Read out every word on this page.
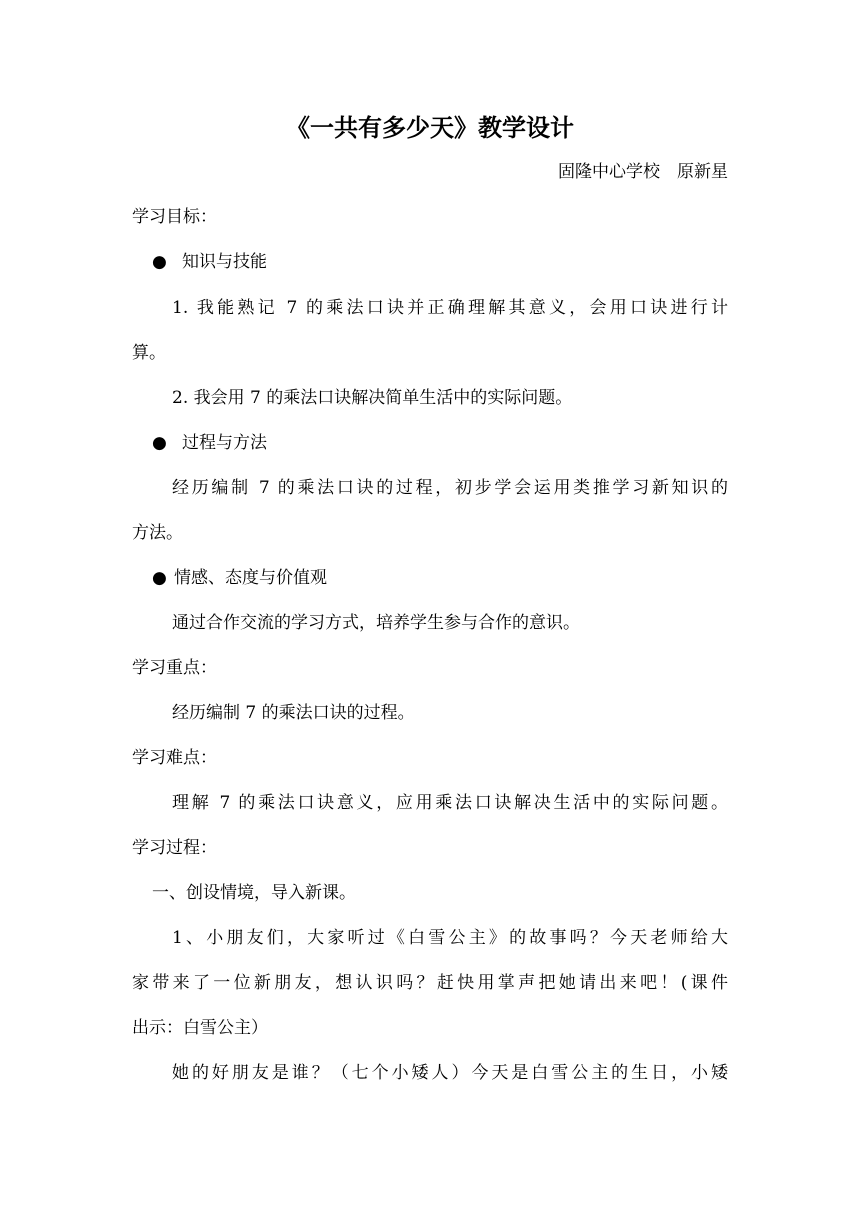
《一共有多少天》教学设计

固隆中心学校　原新星

学习目标：

● 知识与技能

1. 我能熟记 7 的乘法口诀并正确理解其意义，会用口诀进行计

算。

2. 我会用 7 的乘法口诀解决简单生活中的实际问题。

● 过程与方法

经历编制 7 的乘法口诀的过程，初步学会运用类推学习新知识的

方法。

● 情感、态度与价值观

通过合作交流的学习方式，培养学生参与合作的意识。

学习重点：

经历编制 7 的乘法口诀的过程。

学习难点：

理解 7 的乘法口诀意义，应用乘法口诀解决生活中的实际问题。

学习过程：

一、创设情境，导入新课。

1、小朋友们，大家听过《白雪公主》的故事吗？今天老师给大

家带来了一位新朋友，想认识吗？赶快用掌声把她请出来吧！(课件

出示：白雪公主）

她的好朋友是谁？（七个小矮人）今天是白雪公主的生日，小矮
